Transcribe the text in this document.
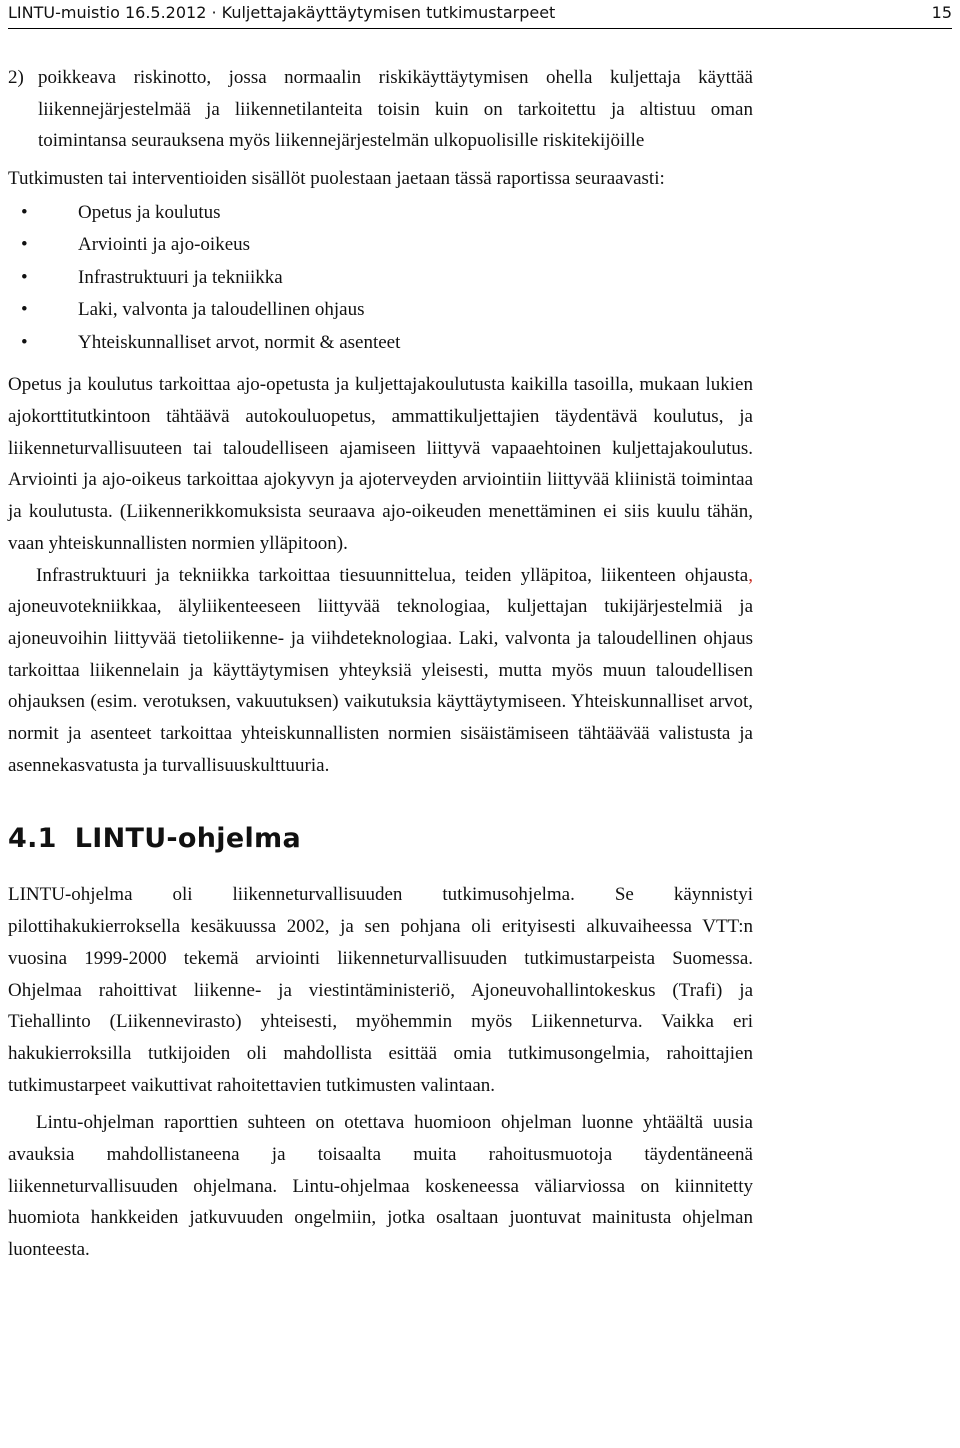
LINTU-muistio 16.5.2012 · Kuljettajakäyttäytymisen tutkimustarpeet	15
2) poikkeava riskinotto, jossa normaalin riskikäyttäytymisen ohella kuljettaja käyttää liikennejärjestelmää ja liikennetilanteita toisin kuin on tarkoitettu ja altistuu oman toimintansa seurauksena myös liikennejärjestelmän ulkopuolisille riskitekijöille

Tutkimusten tai interventioiden sisällöt puolestaan jaetaan tässä raportissa seuraavasti:

•	Opetus ja koulutus
•	Arviointi ja ajo-oikeus
•	Infrastruktuuri ja tekniikka
•	Laki, valvonta ja taloudellinen ohjaus
•	Yhteiskunnalliset arvot, normit & asenteet

Opetus ja koulutus tarkoittaa ajo-opetusta ja kuljettajakoulutusta kaikilla tasoilla, mukaan lukien ajokorttitutkintoon tähtäävä autokouluopetus, ammattikuljettajien täydentävä koulutus, ja liikenneturvallisuuteen tai taloudelliseen ajamiseen liittyvä vapaaehtoinen kuljettajakoulutus. Arviointi ja ajo-oikeus tarkoittaa ajokyvyn ja ajoterveyden arviointiin liittyvää kliinistä toimintaa ja koulutusta. (Liikennerikkomuksista seuraava ajo-oikeuden menettäminen ei siis kuulu tähän, vaan yhteiskunnallisten normien ylläpitoon).

Infrastruktuuri ja tekniikka tarkoittaa tiesuunnittelua, teiden ylläpitoa, liikenteen ohjausta, ajoneuvotekniikkaa, älyliikenteeseen liittyvää teknologiaa, kuljettajan tukijärjestelmiä ja ajoneuvoihin liittyvää tietoliikenne- ja viihdeteknologiaa. Laki, valvonta ja taloudellinen ohjaus tarkoittaa liikennelain ja käyttäytymisen yhteyksiä yleisesti, mutta myös muun taloudellisen ohjauksen (esim. verotuksen, vakuutuksen) vaikutuksia käyttäytymiseen. Yhteiskunnalliset arvot, normit ja asenteet tarkoittaa yhteiskunnallisten normien sisäistämiseen tähtäävää valistusta ja asennekasvatusta ja turvallisuuskulttuuria.

4.1 LINTU-ohjelma

LINTU-ohjelma oli liikenneturvallisuuden tutkimusohjelma. Se käynnistyi pilottihakukierroksella kesäkuussa 2002, ja sen pohjana oli erityisesti alkuvaiheessa VTT:n vuosina 1999-2000 tekemä arviointi liikenneturvallisuuden tutkimustarpeista Suomessa. Ohjelmaa rahoittivat liikenne- ja viestintäministeriö, Ajoneuvohallintokeskus (Trafi) ja Tiehallinto (Liikennevirasto) yhteisesti, myöhemmin myös Liikenneturva. Vaikka eri hakukierroksilla tutkijoiden oli mahdollista esittää omia tutkimusongelmia, rahoittajien tutkimustarpeet vaikuttivat rahoitettavien tutkimusten valintaan.

Lintu-ohjelman raporttien suhteen on otettava huomioon ohjelman luonne yhtäältä uusia avauksia mahdollistaneena ja toisaalta muita rahoitusmuotoja täydentäneenä liikenneturvallisuuden ohjelmana. Lintu-ohjelmaa koskeneessa väliarviossa on kiinnitetty huomiota hankkeiden jatkuvuuden ongelmiin, jotka osaltaan juontuvat mainitusta ohjelman luonteesta.
